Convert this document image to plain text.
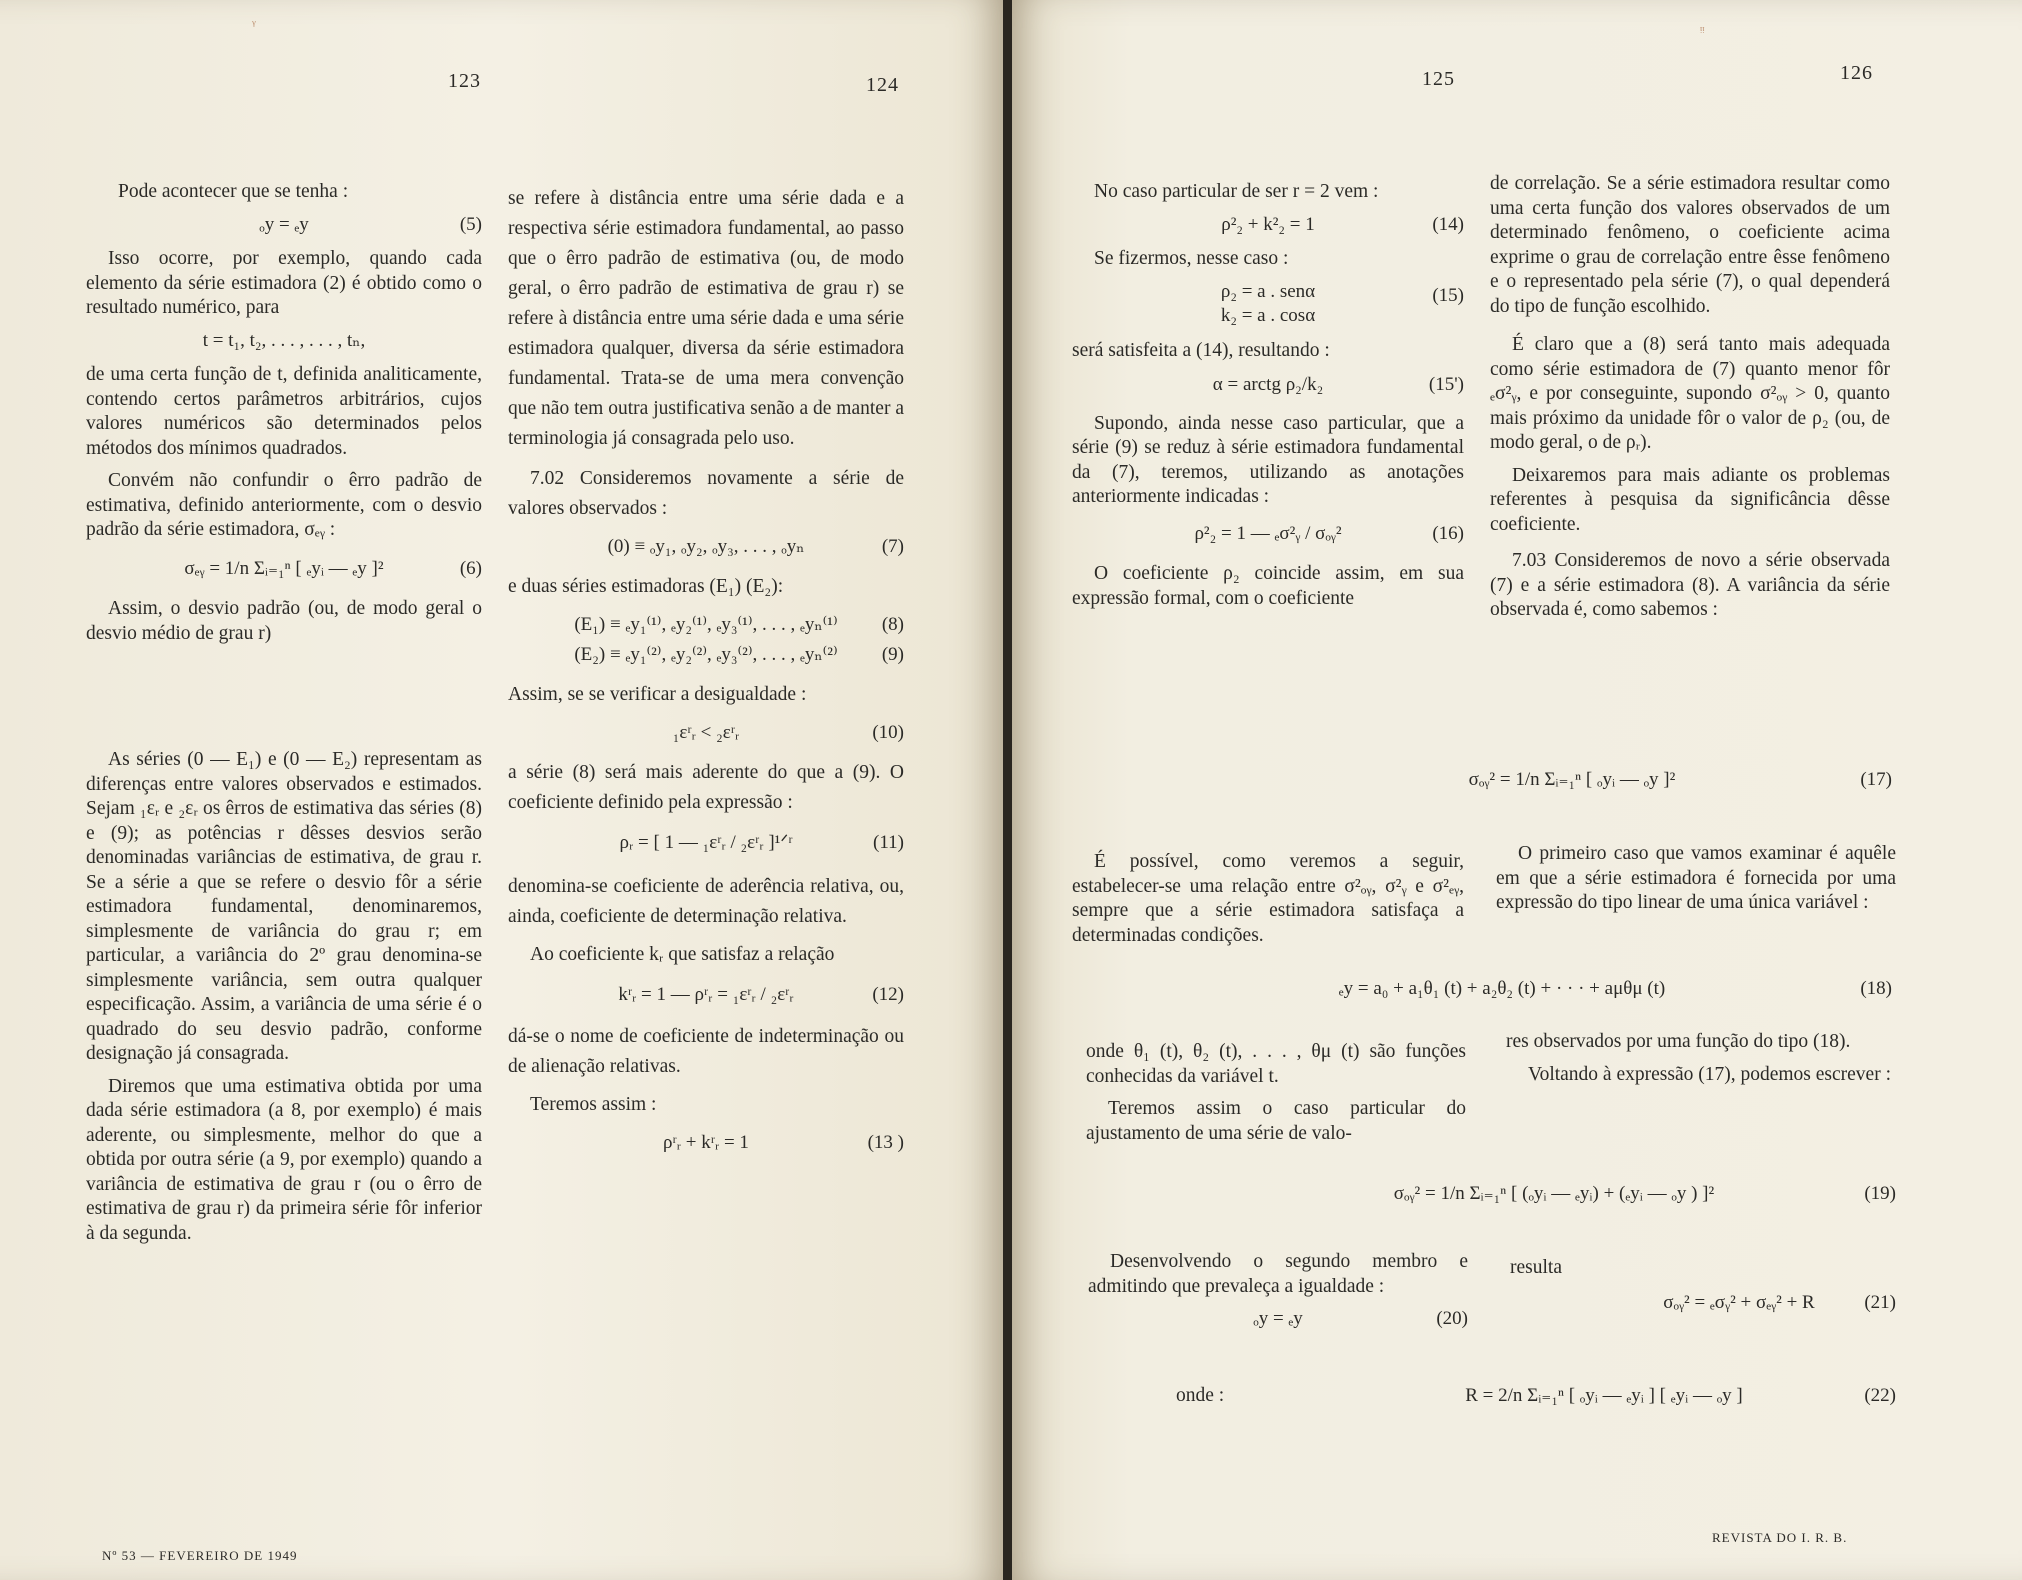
ᵞ
123	124

Pode acontecer que se tenha :

ₒy = ₑy	(5)

Isso ocorre, por exemplo, quando cada elemento da série estimadora (2) é obtido como o resultado numérico, para

t = t₁, t₂, . . . , . . . , tₙ,

de uma certa função de t, definida analiticamente, contendo certos parâmetros arbitrários, cujos valores numéricos são determinados pelos métodos dos mínimos quadrados.

Convém não confundir o êrro padrão de estimativa, definido anteriormente, com o desvio padrão da série estimadora, σₑᵧ :

σₑᵧ = 1/n Σᵢ₌₁ⁿ [ ₑyᵢ — ₑy ]²	(6)

Assim, o desvio padrão (ou, de modo geral o desvio médio de grau r)

As séries (0 — E₁) e (0 — E₂) representam as diferenças entre valores observados e estimados. Sejam ₁εᵣ e ₂εᵣ os êrros de estimativa das séries (8) e (9); as potências r dêsses desvios serão denominadas variâncias de estimativa, de grau r. Se a série a que se refere o desvio fôr a série estimadora fundamental, denominaremos, simplesmente de variância do grau r; em particular, a variância do 2º grau denomina-se simplesmente variância, sem outra qualquer especificação. Assim, a variância de uma série é o quadrado do seu desvio padrão, conforme designação já consagrada.

Diremos que uma estimativa obtida por uma dada série estimadora (a 8, por exemplo) é mais aderente, ou simplesmente, melhor do que a obtida por outra série (a 9, por exemplo) quando a variância de estimativa de grau r (ou o êrro de estimativa de grau r) da primeira série fôr inferior à da segunda.

se refere à distância entre uma série dada e a respectiva série estimadora fundamental, ao passo que o êrro padrão de estimativa (ou, de modo geral, o êrro padrão de estimativa de grau r) se refere à distância entre uma série dada e uma série estimadora qualquer, diversa da série estimadora fundamental. Trata-se de uma mera convenção que não tem outra justificativa senão a de manter a terminologia já consagrada pelo uso.

7.02 Consideremos novamente a série de valores observados :

(0) ≡ ₒy₁, ₒy₂, ₒy₃, . . . , ₒyₙ	(7)

e duas séries estimadoras (E₁) (E₂):

(E₁) ≡ ₑy₁⁽¹⁾, ₑy₂⁽¹⁾, ₑy₃⁽¹⁾, . . . , ₑyₙ⁽¹⁾ (8)
(E₂) ≡ ₑy₁⁽²⁾, ₑy₂⁽²⁾, ₑy₃⁽²⁾, . . . , ₑyₙ⁽²⁾ (9)

Assim, se se verificar a desigualdade :

₁εʳᵣ < ₂εʳᵣ	(10)

a série (8) será mais aderente do que a (9). O coeficiente definido pela expressão :

ρᵣ = [ 1 — ₁εʳᵣ / ₂εʳᵣ ]¹ᐟʳ	(11)

denomina-se coeficiente de aderência relativa, ou, ainda, coeficiente de determinação relativa.

Ao coeficiente kᵣ que satisfaz a relação

kʳᵣ = 1 — ρʳᵣ = ₁εʳᵣ / ₂εʳᵣ	(12)

dá-se o nome de coeficiente de indeterminação ou de alienação relativas.

Teremos assim :

ρʳᵣ + kʳᵣ = 1	(13 )
Nº 53 — FEVEREIRO DE 1949
ᵎᵎ
125	126

No caso particular de ser r = 2 vem :

ρ²₂ + k²₂ = 1	(14)

Se fizermos, nesse caso :

ρ₂ = a . senα
k₂ = a . cosα
(15)

será satisfeita a (14), resultando :

α = arctg ρ₂/k₂	(15')

Supondo, ainda nesse caso particular, que a série (9) se reduz à série estimadora fundamental da (7), teremos, utilizando as anotações anteriormente indicadas :

ρ²₂ = 1 — ₑσ²ᵧ / σₒᵧ²	(16)

O coeficiente ρ₂ coincide assim, em sua expressão formal, com o coeficiente

de correlação. Se a série estimadora resultar como uma certa função dos valores observados de um determinado fenômeno, o coeficiente acima exprime o grau de correlação entre êsse fenômeno e o representado pela série (7), o qual dependerá do tipo de função escolhido.

É claro que a (8) será tanto mais adequada como série estimadora de (7) quanto menor fôr ₑσ²ᵧ, e por conseguinte, supondo σ²ₒᵧ > 0, quanto mais próximo da unidade fôr o valor de ρ₂ (ou, de modo geral, o de ρᵣ).

Deixaremos para mais adiante os problemas referentes à pesquisa da significância dêsse coeficiente.

7.03 Consideremos de novo a série observada (7) e a série estimadora (8). A variância da série observada é, como sabemos :

σₒᵧ² = 1/n Σᵢ₌₁ⁿ [ ₒyᵢ — ₒy ]²	(17)

É possível, como veremos a seguir, estabelecer-se uma relação entre σ²ₒᵧ, σ²ᵧ e σ²ₑᵧ, sempre que a série estimadora satisfaça a determinadas condições.

O primeiro caso que vamos examinar é aquêle em que a série estimadora é fornecida por uma expressão do tipo linear de uma única variável :

ₑy = a₀ + a₁θ₁ (t) + a₂θ₂ (t) + · · · + aμθμ (t)	(18)

onde θ₁ (t), θ₂ (t), . . . , θμ (t) são funções conhecidas da variável t.

Teremos assim o caso particular do ajustamento de uma série de valo-

res observados por uma função do tipo (18).

Voltando à expressão (17), podemos escrever :

σₒᵧ² = 1/n Σᵢ₌₁ⁿ [ (ₒyᵢ — ₑyᵢ) + (ₑyᵢ — ₒy ) ]²	(19)

Desenvolvendo o segundo membro e admitindo que prevaleça a igualdade :

ₒy = ₑy	(20)

resulta

σₒᵧ² = ₑσᵧ² + σₑᵧ² + R	(21)

onde :	R = 2/n Σᵢ₌₁ⁿ [ ₒyᵢ — ₑyᵢ ] [ ₑyᵢ — ₒy ]	(22)
REVISTA DO I. R. B.
